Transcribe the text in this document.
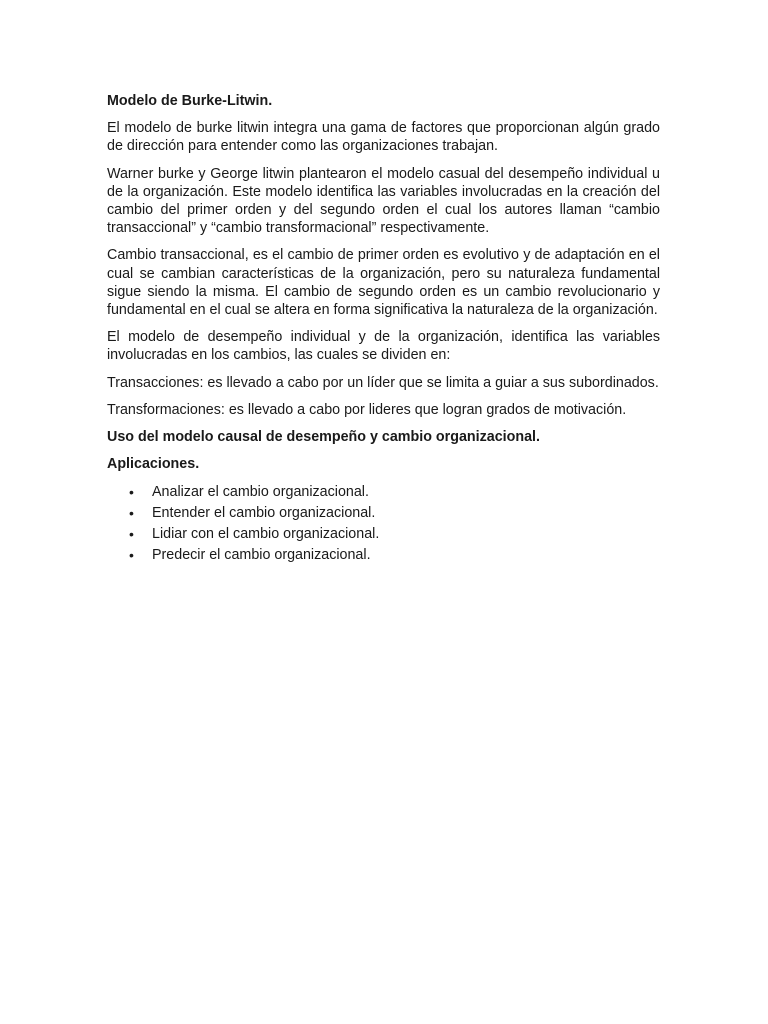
Modelo de Burke-Litwin.

El modelo de burke litwin integra una gama de factores que proporcionan algún grado de dirección para entender como las organizaciones trabajan.

Warner burke y George litwin plantearon el modelo casual del desempeño individual u de la organización. Este modelo identifica las variables involucradas en la creación del cambio del primer orden y del segundo orden el cual los autores llaman “cambio transaccional” y “cambio transformacional” respectivamente.

Cambio transaccional, es el cambio de primer orden es evolutivo y de adaptación en el cual se cambian características de la organización, pero su naturaleza fundamental sigue siendo la misma. El cambio de segundo orden es un cambio revolucionario y fundamental en el cual se altera en forma significativa la naturaleza de la organización.

El modelo de desempeño individual y de la organización, identifica las variables involucradas en los cambios, las cuales se dividen en:

Transacciones: es llevado a cabo por un líder que se limita a guiar a sus subordinados.

Transformaciones: es llevado a cabo por lideres que logran grados de motivación.

Uso del modelo causal de desempeño y cambio organizacional.

Aplicaciones.

• Analizar el cambio organizacional.
• Entender el cambio organizacional.
• Lidiar con el cambio organizacional.
• Predecir el cambio organizacional.
